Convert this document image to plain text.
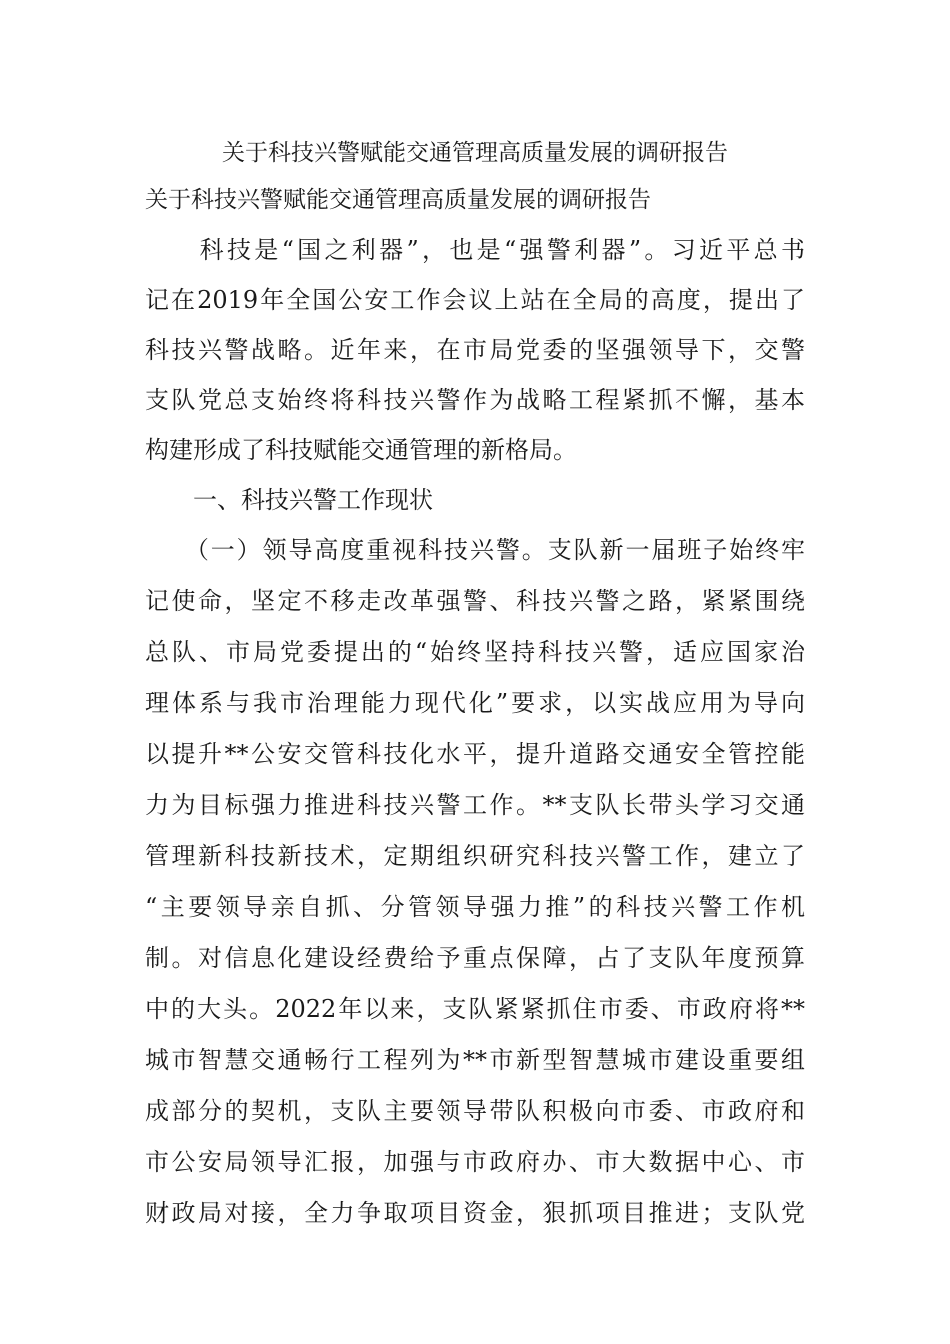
关于科技兴警赋能交通管理高质量发展的调研报告
关于科技兴警赋能交通管理高质量发展的调研报告
　　科技是“国之利器”，也是“强警利器”。习近平总书
记在2019年全国公安工作会议上站在全局的高度，提出了
科技兴警战略。近年来，在市局党委的坚强领导下，交警
支队党总支始终将科技兴警作为战略工程紧抓不懈，基本
构建形成了科技赋能交通管理的新格局。
　　一、科技兴警工作现状
　　（一）领导高度重视科技兴警。支队新一届班子始终牢
记使命，坚定不移走改革强警、科技兴警之路，紧紧围绕
总队、市局党委提出的“始终坚持科技兴警，适应国家治
理体系与我市治理能力现代化”要求，以实战应用为导向
以提升**公安交管科技化水平，提升道路交通安全管控能
力为目标强力推进科技兴警工作。**支队长带头学习交通
管理新科技新技术，定期组织研究科技兴警工作，建立了
“主要领导亲自抓、分管领导强力推”的科技兴警工作机
制。对信息化建设经费给予重点保障，占了支队年度预算
中的大头。2022年以来，支队紧紧抓住市委、市政府将**
城市智慧交通畅行工程列为**市新型智慧城市建设重要组
成部分的契机，支队主要领导带队积极向市委、市政府和
市公安局领导汇报，加强与市政府办、市大数据中心、市
财政局对接，全力争取项目资金，狠抓项目推进；支队党
